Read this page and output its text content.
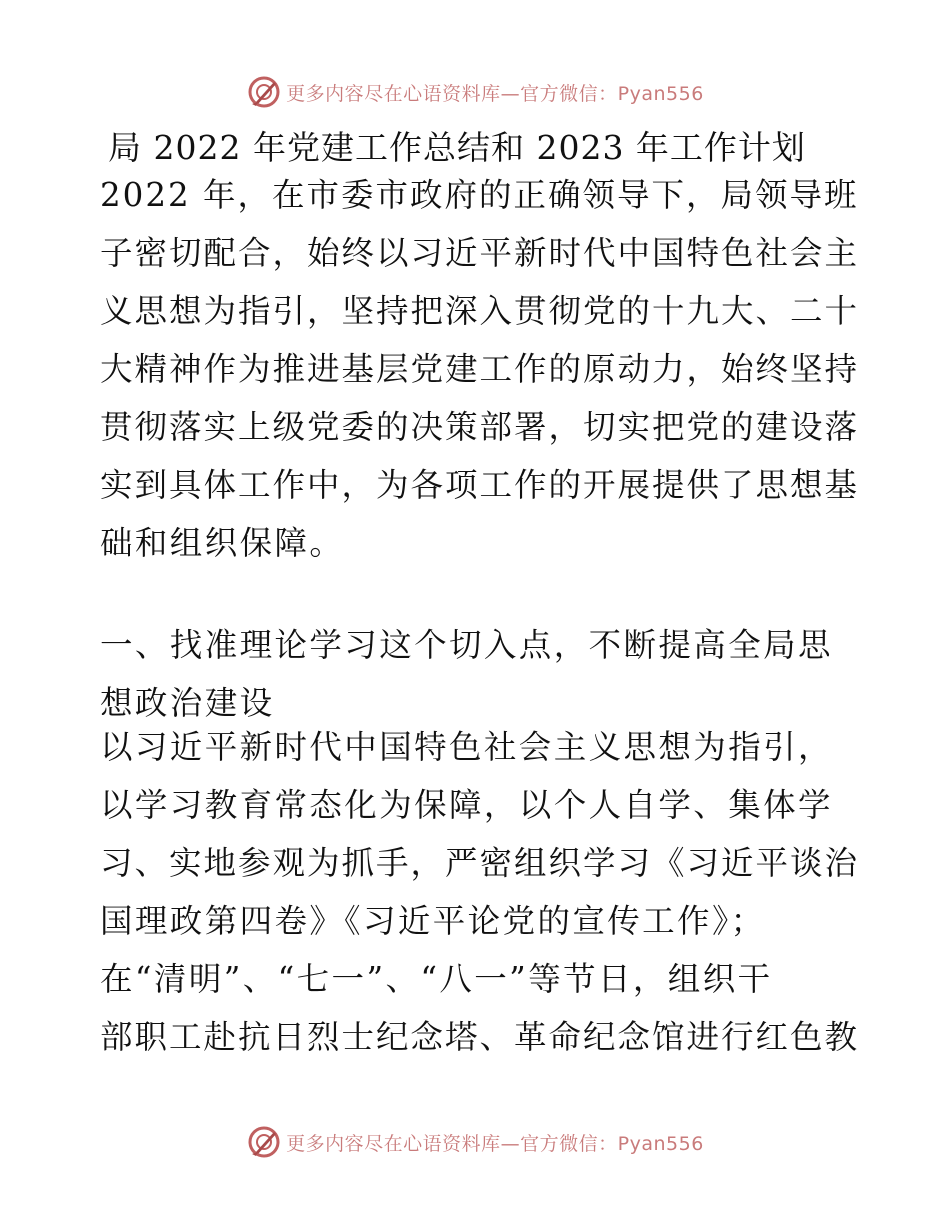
更多内容尽在心语资料库—官方微信：Pyan556
局 2022 年党建工作总结和 2023 年工作计划
2022 年，在市委市政府的正确领导下，局领导班
子密切配合，始终以习近平新时代中国特色社会主
义思想为指引，坚持把深入贯彻党的十九大、二十
大精神作为推进基层党建工作的原动力，始终坚持
贯彻落实上级党委的决策部署，切实把党的建设落
实到具体工作中，为各项工作的开展提供了思想基
础和组织保障。
一、找准理论学习这个切入点，不断提高全局思
想政治建设
以习近平新时代中国特色社会主义思想为指引，
以学习教育常态化为保障，以个人自学、集体学
习、实地参观为抓手，严密组织学习《习近平谈治
国理政第四卷》《习近平论党的宣传工作》；
在“清明”、“七一”、“八一”等节日，组织干
部职工赴抗日烈士纪念塔、革命纪念馆进行红色教
更多内容尽在心语资料库—官方微信：Pyan556
